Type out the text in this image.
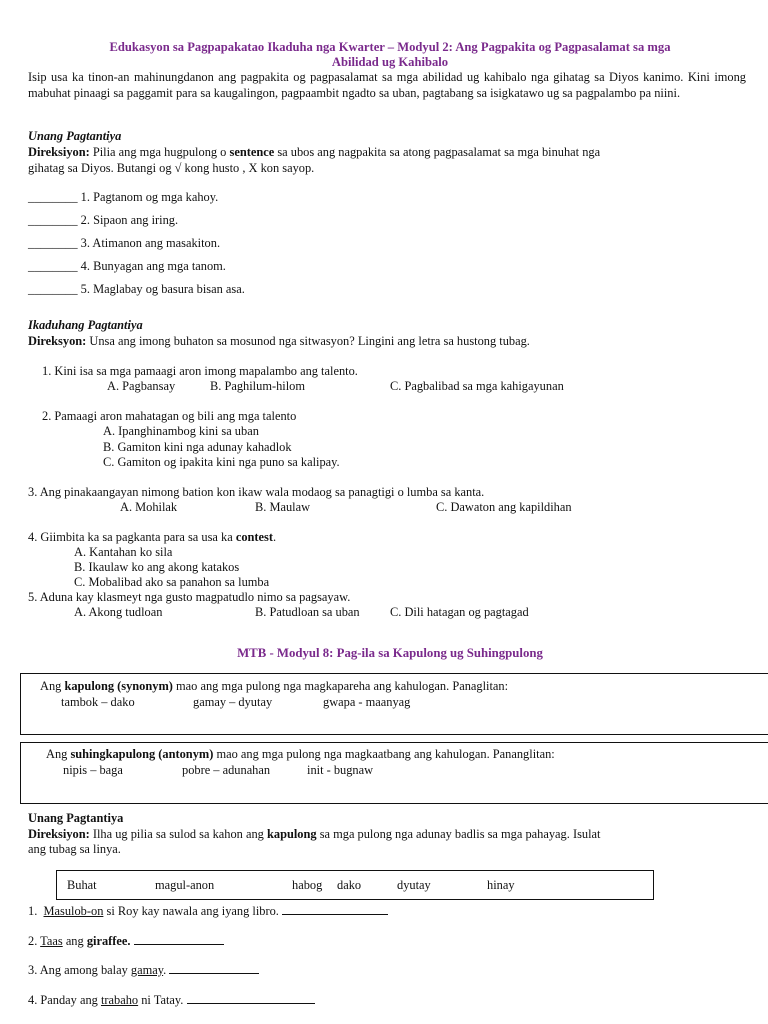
Edukasyon sa Pagpapakatao Ikaduha nga Kwarter – Modyul 2: Ang Pagpakita og Pagpasalamat sa mga
Abilidad ug Kahibalo
Isip usa ka tinon-an mahinungdanon ang pagpakita og pagpasalamat sa mga abilidad ug kahibalo nga gihatag sa Diyos kanimo. Kini imong mabuhat pinaagi sa paggamit para sa kaugalingon, pagpaambit ngadto sa uban, pagtabang sa isigkatawo ug sa pagpalambo pa niini.
Unang Pagtantiya
Direksiyon: Pilia ang mga hugpulong o sentence sa ubos ang nagpakita sa atong pagpasalamat sa mga binuhat nga
gihatag sa Diyos. Butangi og √ kong husto , X kon sayop.
________ 1. Pagtanom og mga kahoy.
________ 2. Sipaon ang iring.
________ 3. Atimanon ang masakiton.
________ 4. Bunyagan ang mga tanom.
________ 5. Maglabay og basura bisan asa.
Ikaduhang Pagtantiya
Direksyon: Unsa ang imong buhaton sa mosunod nga sitwasyon? Lingini ang letra sa hustong tubag.
1. Kini isa sa mga pamaagi aron imong mapalambo ang talento.
A. Pagbansay	B. Paghilum-hilom	C. Pagbalibad sa mga kahigayunan
2. Pamaagi aron mahatagan og bili ang mga talento
A. Ipanghinambog kini sa uban
B. Gamiton kini nga adunay kahadlok
C. Gamiton og ipakita kini nga puno sa kalipay.
3. Ang pinakaangayan nimong bation kon ikaw wala modaog sa panagtigi o lumba sa kanta.
A. Mohilak	B. Maulaw	C. Dawaton ang kapildihan
4. Giimbita ka sa pagkanta para sa usa ka contest.
A. Kantahan ko sila
B. Ikaulaw ko ang akong katakos
C. Mobalibad ako sa panahon sa lumba
5. Aduna kay klasmeyt nga gusto magpatudlo nimo sa pagsayaw.
A. Akong tudloan	B. Patudloan sa uban C. Dili hatagan og pagtagad
MTB - Modyul 8: Pag-ila sa Kapulong ug Suhingpulong
Ang kapulong (synonym) mao ang mga pulong nga magkapareha ang kahulogan. Panaglitan:
tambok – dako	gamay – dyutay	gwapa - maanyag
Ang suhingkapulong (antonym) mao ang mga pulong nga magkaatbang ang kahulogan. Pananglitan:
nipis – baga	pobre – adunahan	init - bugnaw
Unang Pagtantiya
Direksiyon: Ilha ug pilia sa sulod sa kahon ang kapulong sa mga pulong nga adunay badlis sa mga pahayag. Isulat
ang tubag sa linya.
Buhat	magul-anon	habog dako	dyutay	hinay
1. Masulob-on si Roy kay nawala ang iyang libro.
2. Taas ang giraffee.
3. Ang among balay gamay.
4. Panday ang trabaho ni Tatay.
